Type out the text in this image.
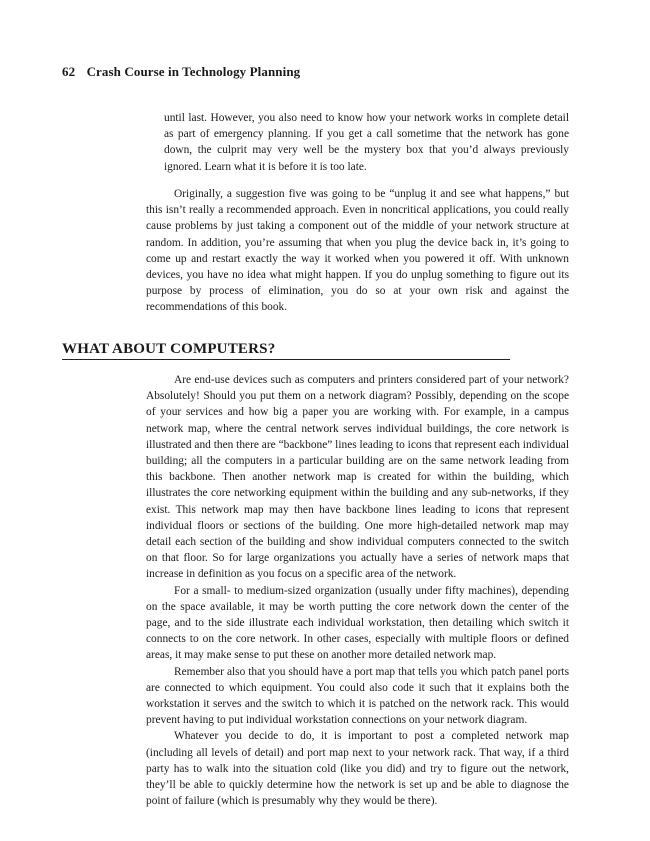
62 Crash Course in Technology Planning

until last. However, you also need to know how your network works in complete detail as part of emergency planning. If you get a call sometime that the network has gone down, the culprit may very well be the mystery box that you’d always previously ignored. Learn what it is before it is too late.

Originally, a suggestion five was going to be “unplug it and see what happens,” but this isn’t really a recommended approach. Even in noncritical applications, you could really cause problems by just taking a component out of the middle of your network structure at random. In addition, you’re assuming that when you plug the device back in, it’s going to come up and restart exactly the way it worked when you powered it off. With unknown devices, you have no idea what might happen. If you do unplug something to figure out its purpose by process of elimination, you do so at your own risk and against the recommendations of this book.

WHAT ABOUT COMPUTERS?

Are end-use devices such as computers and printers considered part of your network? Absolutely! Should you put them on a network diagram? Possibly, depending on the scope of your services and how big a paper you are working with. For example, in a campus network map, where the central network serves individual buildings, the core network is illustrated and then there are “backbone” lines leading to icons that represent each individual building; all the computers in a particular building are on the same network leading from this backbone. Then another network map is created for within the building, which illustrates the core networking equipment within the building and any sub-networks, if they exist. This network map may then have backbone lines leading to icons that represent individual floors or sections of the building. One more high-detailed network map may detail each section of the building and show individual computers connected to the switch on that floor. So for large organizations you actually have a series of network maps that increase in definition as you focus on a specific area of the network.

For a small- to medium-sized organization (usually under fifty machines), depending on the space available, it may be worth putting the core network down the center of the page, and to the side illustrate each individual workstation, then detailing which switch it connects to on the core network. In other cases, especially with multiple floors or defined areas, it may make sense to put these on another more detailed network map.

Remember also that you should have a port map that tells you which patch panel ports are connected to which equipment. You could also code it such that it explains both the workstation it serves and the switch to which it is patched on the network rack. This would prevent having to put individual workstation connections on your network diagram.

Whatever you decide to do, it is important to post a completed network map (including all levels of detail) and port map next to your network rack. That way, if a third party has to walk into the situation cold (like you did) and try to figure out the network, they’ll be able to quickly determine how the network is set up and be able to diagnose the point of failure (which is presumably why they would be there).
